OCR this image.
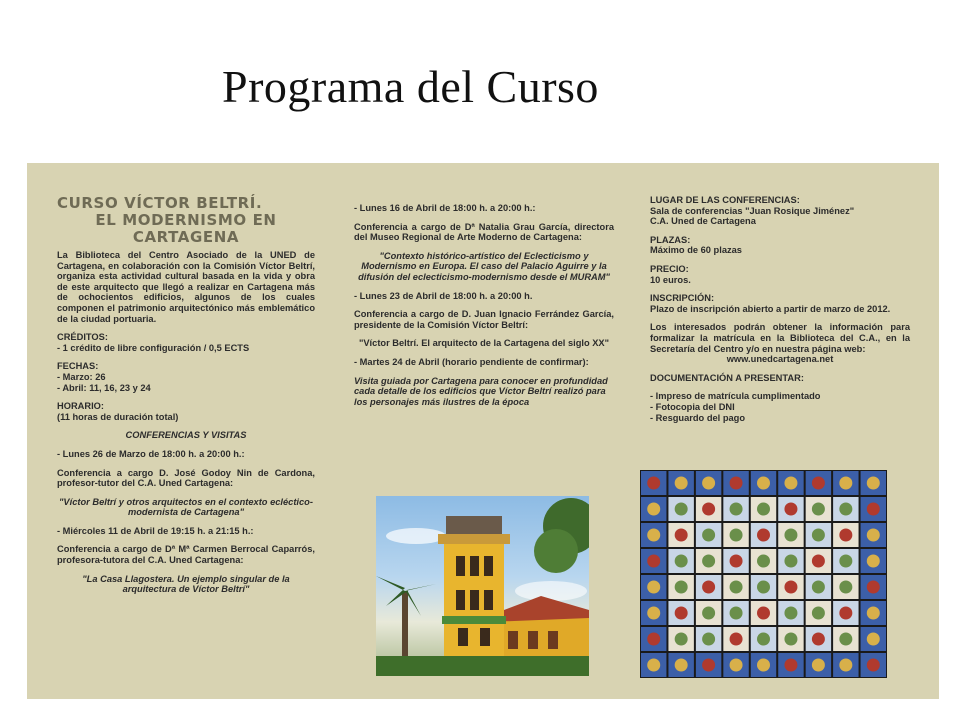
Programa del Curso
CURSO VÍCTOR BELTRÍ.
EL MODERNISMO EN
CARTAGENA

La Biblioteca del Centro Asociado de la UNED de Cartagena, en colaboración con la Comisión Víctor Beltrí, organiza esta actividad cultural basada en la vida y obra de este arquitecto que llegó a realizar en Cartagena más de ochocientos edificios, algunos de los cuales componen el patrimonio arquitectónico más emblemático de la ciudad portuaria.

CRÉDITOS:

- 1 crédito de libre configuración / 0,5 ECTS

FECHAS:

- Marzo: 26

- Abril: 11, 16, 23 y 24

HORARIO:

(11 horas de duración total)

CONFERENCIAS Y VISITAS

- Lunes 26 de Marzo de 18:00 h. a 20:00 h.:

Conferencia a cargo D. José Godoy Nin de Cardona, profesor-tutor del C.A. Uned Cartagena:

"Víctor Beltrí y otros arquitectos en el contexto ecléctico-modernista de Cartagena"

- Miércoles 11 de Abril de 19:15 h. a 21:15 h.:

Conferencia a cargo de Dª Mª Carmen Berrocal Caparrós, profesora-tutora del C.A. Uned Cartagena:

"La Casa Llagostera. Un ejemplo singular de la arquitectura de Víctor Beltrí"

- Lunes 16 de Abril de 18:00 h. a 20:00 h.:

Conferencia a cargo de Dª Natalia Grau García, directora del Museo Regional de Arte Moderno de Cartagena:

"Contexto histórico-artístico del Eclecticismo y Modernismo en Europa. El caso del Palacio Aguirre y la difusión del eclecticismo-modernismo desde el MURAM"

- Lunes 23 de Abril de 18:00 h. a 20:00 h.

Conferencia a cargo de D. Juan Ignacio Ferrández García, presidente de la Comisión Víctor Beltrí:

"Víctor Beltrí. El arquitecto de la Cartagena del siglo XX"

- Martes 24 de Abril (horario pendiente de confirmar):

Visita guiada por Cartagena para conocer en profundidad cada detalle de los edificios que Víctor Beltrí realizó para los personajes más ilustres de la época

LUGAR DE LAS CONFERENCIAS:

Sala de conferencias "Juan Rosique Jiménez"

C.A. Uned de Cartagena

PLAZAS:

Máximo de 60 plazas

PRECIO:

10 euros.

INSCRIPCIÓN:

Plazo de inscripción abierto a partir de marzo de 2012.

Los interesados podrán obtener la información para formalizar la matrícula en la Biblioteca del C.A., en la Secretaría del Centro y/o en nuestra página web:

www.unedcartagena.net

DOCUMENTACIÓN A PRESENTAR:

- Impreso de matrícula cumplimentado

- Fotocopia del DNI

- Resguardo del pago
